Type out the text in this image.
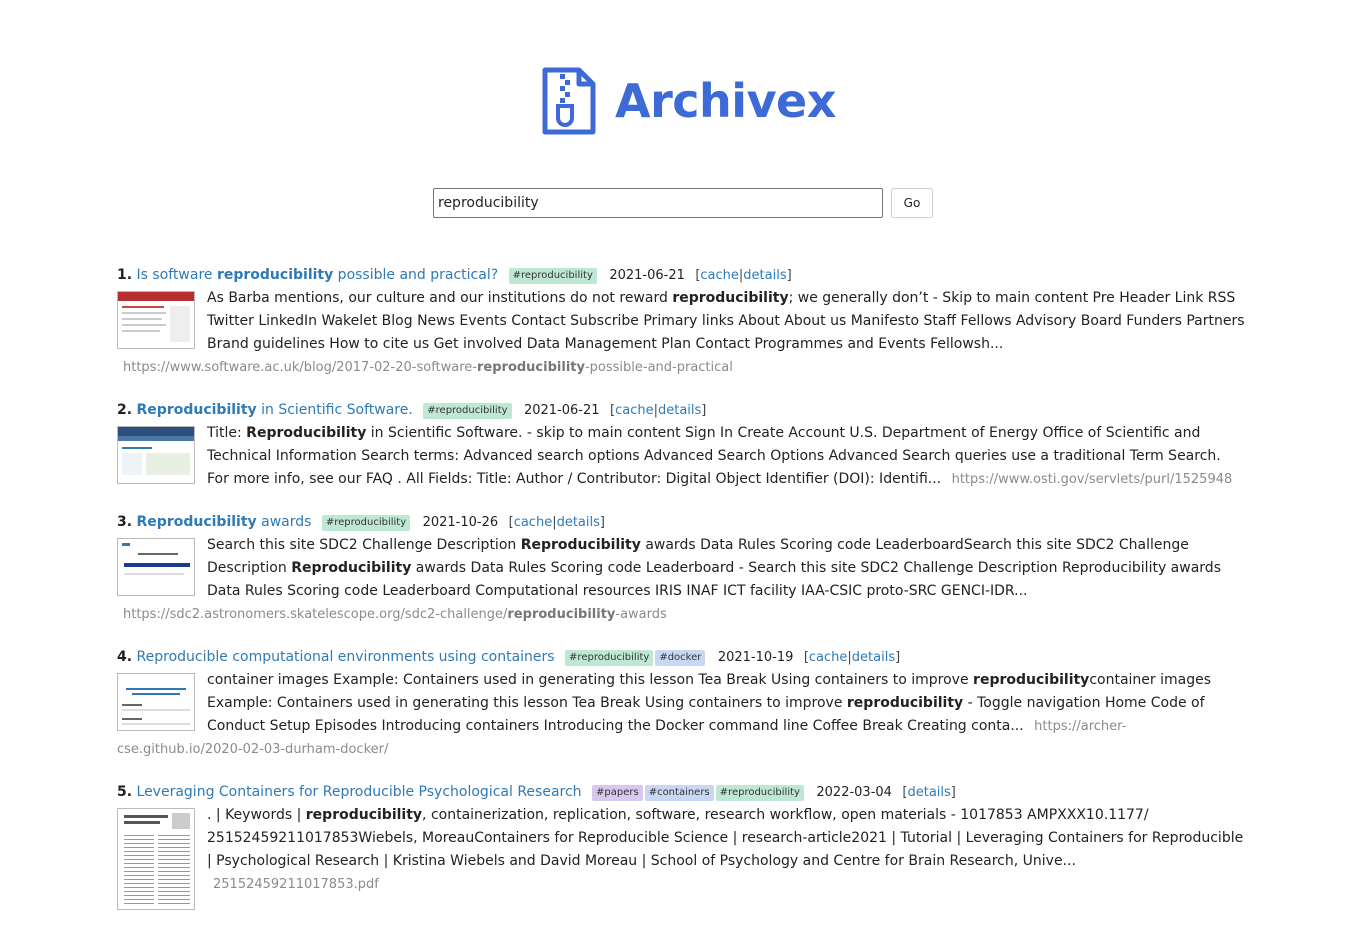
Archivex
reproducibility
Go
1. Is software reproducibility possible and practical? #reproducibility 2021-06-21 [cache|details]
As Barba mentions, our culture and our institutions do not reward reproducibility; we generally don’t - Skip to main content Pre Header Link RSS Twitter LinkedIn Wakelet Blog News Events Contact Subscribe Primary links About About us Manifesto Staff Fellows Advisory Board Funders Partners Brand guidelines How to cite us Get involved Data Management Plan Contact Programmes and Events Fellowsh... https://www.software.ac.uk/blog/2017-02-20-software-reproducibility-possible-and-practical
2. Reproducibility in Scientific Software. #reproducibility 2021-06-21 [cache|details]
Title: Reproducibility in Scientific Software. - skip to main content Sign In Create Account U.S. Department of Energy Office of Scientific and Technical Information Search terms: Advanced search options Advanced Search Options Advanced Search queries use a traditional Term Search. For more info, see our FAQ . All Fields: Title: Author / Contributor: Digital Object Identifier (DOI): Identifi... https://www.osti.gov/servlets/purl/1525948
3. Reproducibility awards #reproducibility 2021-10-26 [cache|details]
Search this site SDC2 Challenge Description Reproducibility awards Data Rules Scoring code LeaderboardSearch this site SDC2 Challenge Description Reproducibility awards Data Rules Scoring code Leaderboard - Search this site SDC2 Challenge Description Reproducibility awards Data Rules Scoring code Leaderboard Computational resources IRIS INAF ICT facility IAA-CSIC proto-SRC GENCI-IDR... https://sdc2.astronomers.skatelescope.org/sdc2-challenge/reproducibility-awards
4. Reproducible computational environments using containers #reproducibility #docker 2021-10-19 [cache|details]
container images Example: Containers used in generating this lesson Tea Break Using containers to improve reproducibilitycontainer images Example: Containers used in generating this lesson Tea Break Using containers to improve reproducibility - Toggle navigation Home Code of Conduct Setup Episodes Introducing containers Introducing the Docker command line Coffee Break Creating conta... https://archer-cse.github.io/2020-02-03-durham-docker/
5. Leveraging Containers for Reproducible Psychological Research #papers #containers #reproducibility 2022-03-04 [details]
. | Keywords | reproducibility, containerization, replication, software, research workflow, open materials - 1017853 AMPXXX10.1177/ 25152459211017853Wiebels, MoreauContainers for Reproducible Science | research-article2021 | Tutorial | Leveraging Containers for Reproducible | Psychological Research | Kristina Wiebels and David Moreau | School of Psychology and Centre for Brain Research, Unive... 25152459211017853.pdf
